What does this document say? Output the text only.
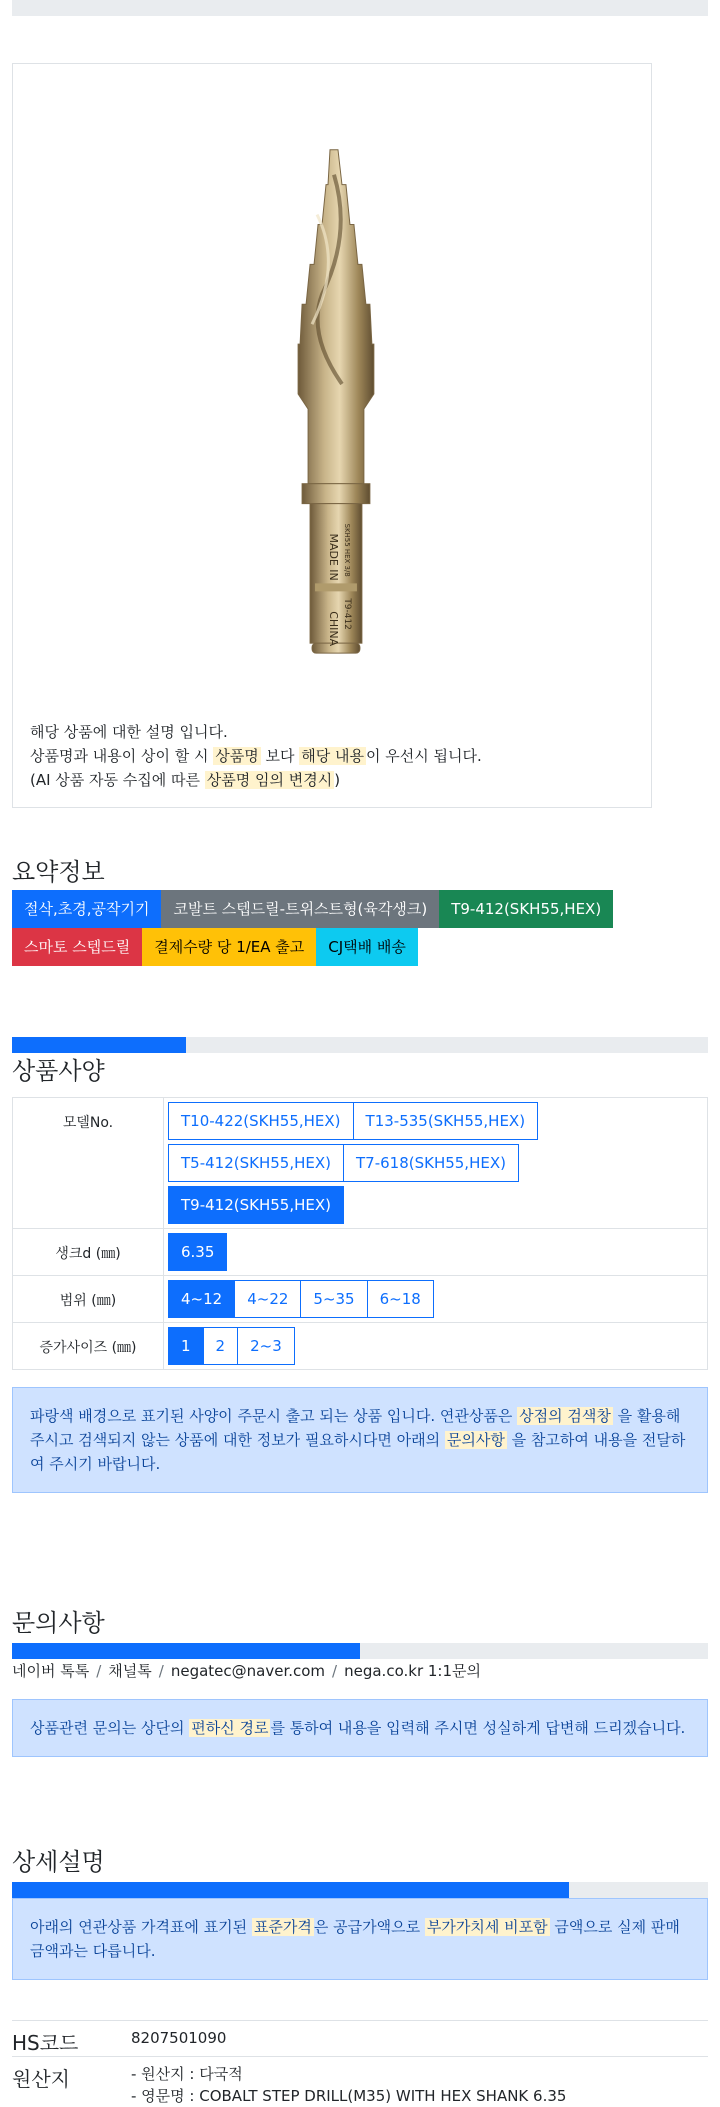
MADE IN
CHINA
SKH55 HEX 3/8
T9-412
해당 상품에 대한 설명 입니다.
상품명과 내용이 상이 할 시 상품명 보다 해당 내용 이 우선시 됩니다.
(AI 상품 자동 수집에 따른 상품명 임의 변경시 )
요약정보
절삭,초경,공작기기	코발트 스텝드릴-트위스트형(육각생크)	T9-412(SKH55,HEX)
스마토 스텝드릴	결제수량 당 1/EA 출고	CJ택배 배송
상품사양
모델No.	T10-422(SKH55,HEX) T13-535(SKH55,HEX)
T5-412(SKH55,HEX) T7-618(SKH55,HEX)
T9-412(SKH55,HEX)

생크d (㎜)	6.35

범위 (㎜)	4~12 4~22 5~35 6~18

증가사이즈 (㎜)	1 2 2~3
파랑색 배경으로 표기된 사양이 주문시 출고 되는 상품 입니다. 연관상품은 상점의 검색창 을 활용해 주시고 검색되지 않는 상품에 대한 정보가 필요하시다면 아래의 문의사항 을 참고하여 내용을 전달하여 주시기 바랍니다.
문의사항
네이버 톡톡 / 채널톡 / negatec@naver.com / nega.co.kr 1:1문의
상품관련 문의는 상단의 편하신 경로 를 통하여 내용을 입력해 주시면 성실하게 답변해 드리겠습니다.
상세설명
아래의 연관상품 가격표에 표기된 표준가격 은 공급가액으로 부가가치세 비포함 금액으로 실제 판매금액과는 다릅니다.
HS코드	8207501090
원산지	- 원산지 : 다국적
- 영문명 : COBALT STEP DRILL(M35) WITH HEX SHANK 6.35
